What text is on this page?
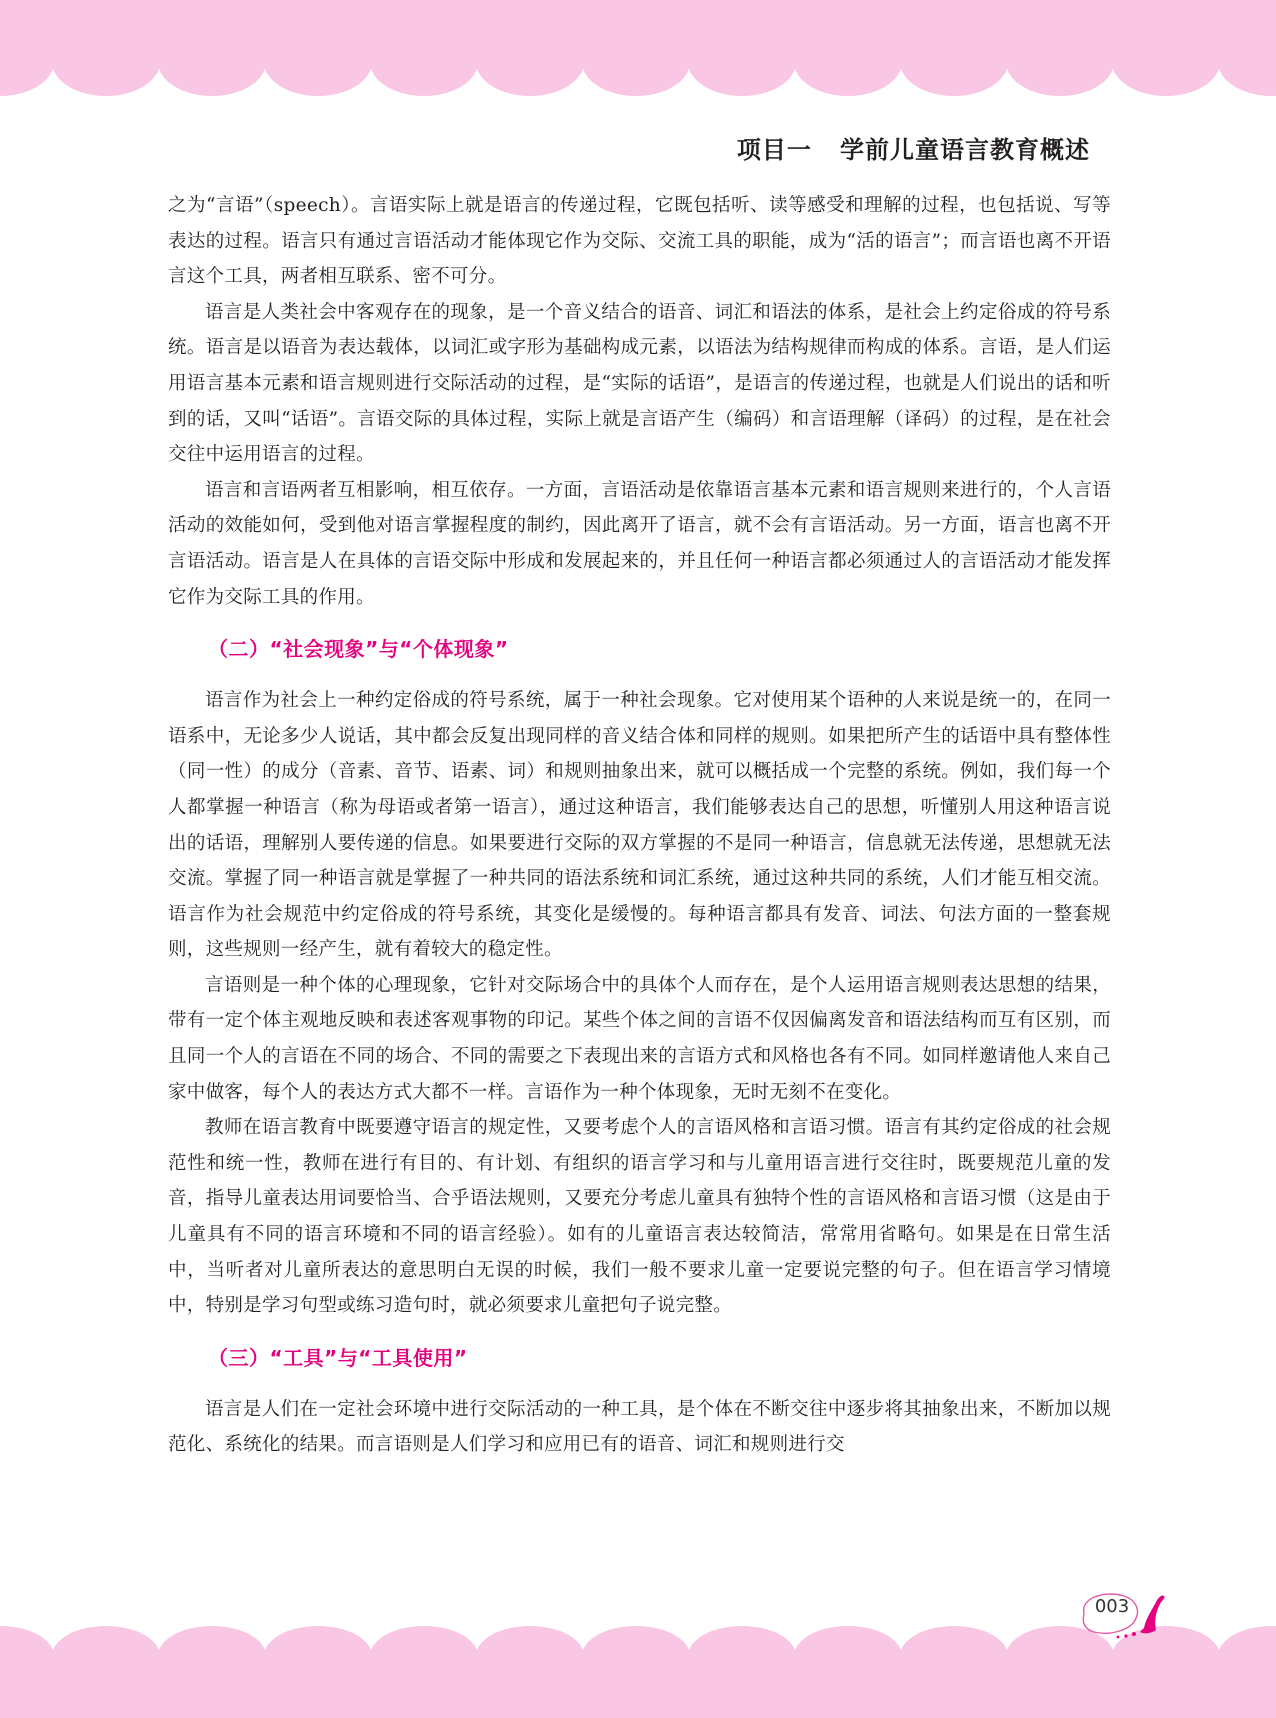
项目一   学前儿童语言教育概述

之为“言语”（speech）。言语实际上就是语言的传递过程，它既包括听、读等感受和理解的过程，也包括说、写等表达的过程。语言只有通过言语活动才能体现它作为交际、交流工具的职能，成为“活的语言”；而言语也离不开语言这个工具，两者相互联系、密不可分。

语言是人类社会中客观存在的现象，是一个音义结合的语音、词汇和语法的体系，是社会上约定俗成的符号系统。语言是以语音为表达载体，以词汇或字形为基础构成元素，以语法为结构规律而构成的体系。言语，是人们运用语言基本元素和语言规则进行交际活动的过程，是“实际的话语”，是语言的传递过程，也就是人们说出的话和听到的话，又叫“话语”。言语交际的具体过程，实际上就是言语产生（编码）和言语理解（译码）的过程，是在社会交往中运用语言的过程。

语言和言语两者互相影响，相互依存。一方面，言语活动是依靠语言基本元素和语言规则来进行的，个人言语活动的效能如何，受到他对语言掌握程度的制约，因此离开了语言，就不会有言语活动。另一方面，语言也离不开言语活动。语言是人在具体的言语交际中形成和发展起来的，并且任何一种语言都必须通过人的言语活动才能发挥它作为交际工具的作用。

（二）“社会现象”与“个体现象”

语言作为社会上一种约定俗成的符号系统，属于一种社会现象。它对使用某个语种的人来说是统一的，在同一语系中，无论多少人说话，其中都会反复出现同样的音义结合体和同样的规则。如果把所产生的话语中具有整体性（同一性）的成分（音素、音节、语素、词）和规则抽象出来，就可以概括成一个完整的系统。例如，我们每一个人都掌握一种语言（称为母语或者第一语言），通过这种语言，我们能够表达自己的思想，听懂别人用这种语言说出的话语，理解别人要传递的信息。如果要进行交际的双方掌握的不是同一种语言，信息就无法传递，思想就无法交流。掌握了同一种语言就是掌握了一种共同的语法系统和词汇系统，通过这种共同的系统，人们才能互相交流。语言作为社会规范中约定俗成的符号系统，其变化是缓慢的。每种语言都具有发音、词法、句法方面的一整套规则，这些规则一经产生，就有着较大的稳定性。

言语则是一种个体的心理现象，它针对交际场合中的具体个人而存在，是个人运用语言规则表达思想的结果，带有一定个体主观地反映和表述客观事物的印记。某些个体之间的言语不仅因偏离发音和语法结构而互有区别，而且同一个人的言语在不同的场合、不同的需要之下表现出来的言语方式和风格也各有不同。如同样邀请他人来自己家中做客，每个人的表达方式大都不一样。言语作为一种个体现象，无时无刻不在变化。

教师在语言教育中既要遵守语言的规定性，又要考虑个人的言语风格和言语习惯。语言有其约定俗成的社会规范性和统一性，教师在进行有目的、有计划、有组织的语言学习和与儿童用语言进行交往时，既要规范儿童的发音，指导儿童表达用词要恰当、合乎语法规则，又要充分考虑儿童具有独特个性的言语风格和言语习惯（这是由于儿童具有不同的语言环境和不同的语言经验）。如有的儿童语言表达较简洁，常常用省略句。如果是在日常生活中，当听者对儿童所表达的意思明白无误的时候，我们一般不要求儿童一定要说完整的句子。但在语言学习情境中，特别是学习句型或练习造句时，就必须要求儿童把句子说完整。

（三）“工具”与“工具使用”

语言是人们在一定社会环境中进行交际活动的一种工具，是个体在不断交往中逐步将其抽象出来，不断加以规范化、系统化的结果。而言语则是人们学习和应用已有的语音、词汇和规则进行交

003
